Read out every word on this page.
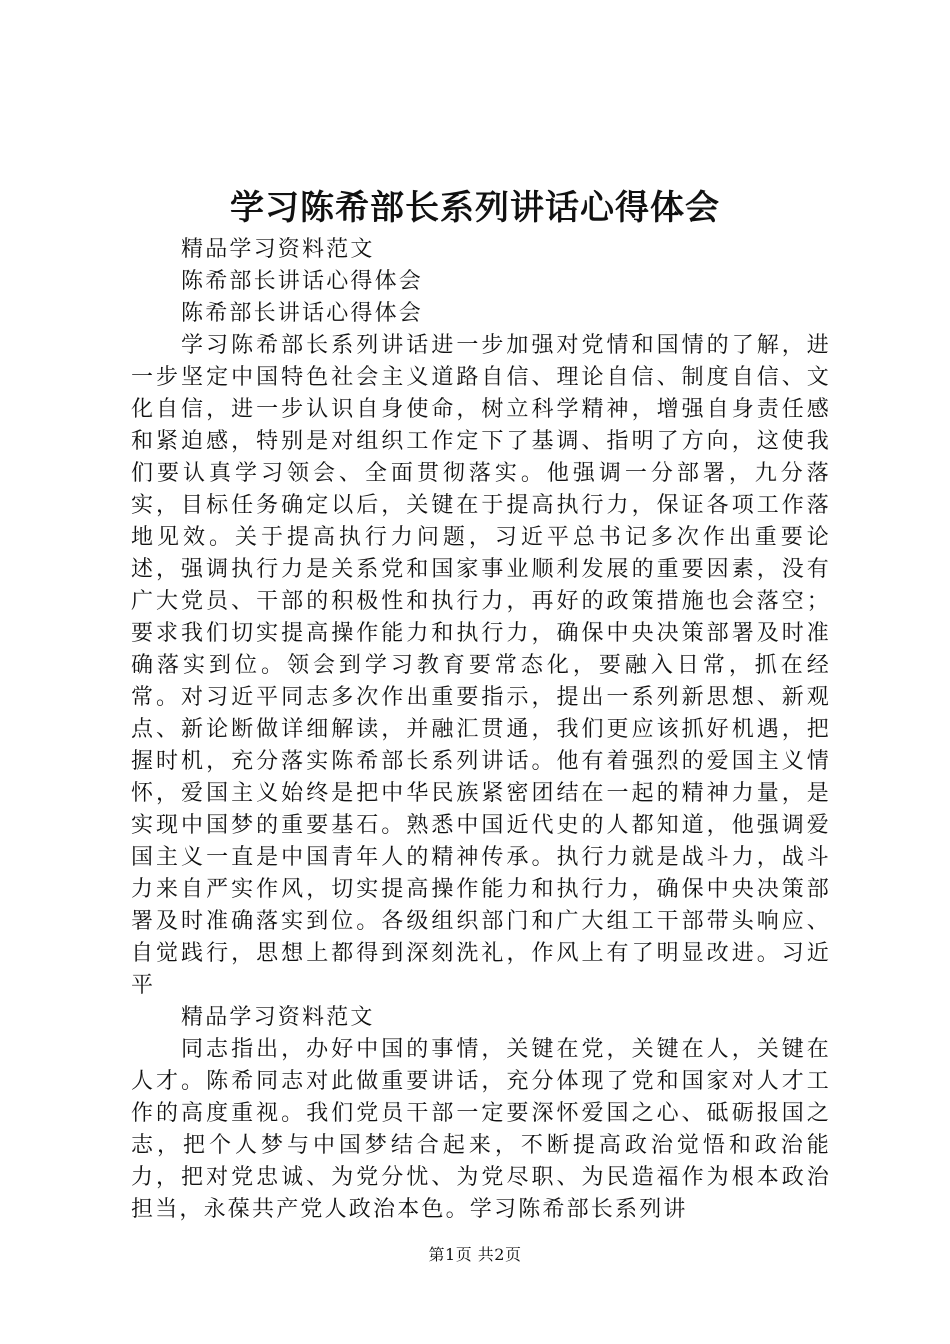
学习陈希部长系列讲话心得体会
精品学习资料范文
陈希部长讲话心得体会
陈希部长讲话心得体会
学习陈希部长系列讲话进一步加强对党情和国情的了解，进一步坚定中国特色社会主义道路自信、理论自信、制度自信、文化自信，进一步认识自身使命，树立科学精神，增强自身责任感和紧迫感，特别是对组织工作定下了基调、指明了方向，这使我们要认真学习领会、全面贯彻落实。他强调一分部署，九分落实，目标任务确定以后，关键在于提高执行力，保证各项工作落地见效。关于提高执行力问题，习近平总书记多次作出重要论述，强调执行力是关系党和国家事业顺利发展的重要因素，没有广大党员、干部的积极性和执行力，再好的政策措施也会落空；要求我们切实提高操作能力和执行力，确保中央决策部署及时准确落实到位。领会到学习教育要常态化，要融入日常，抓在经常。对习近平同志多次作出重要指示，提出一系列新思想、新观点、新论断做详细解读，并融汇贯通，我们更应该抓好机遇，把握时机，充分落实陈希部长系列讲话。他有着强烈的爱国主义情怀，爱国主义始终是把中华民族紧密团结在一起的精神力量，是实现中国梦的重要基石。熟悉中国近代史的人都知道，他强调爱国主义一直是中国青年人的精神传承。执行力就是战斗力，战斗力来自严实作风，切实提高操作能力和执行力，确保中央决策部署及时准确落实到位。各级组织部门和广大组工干部带头响应、自觉践行，思想上都得到深刻洗礼，作风上有了明显改进。习近平
精品学习资料范文
同志指出，办好中国的事情，关键在党，关键在人，关键在人才。陈希同志对此做重要讲话，充分体现了党和国家对人才工作的高度重视。我们党员干部一定要深怀爱国之心、砥砺报国之志，把个人梦与中国梦结合起来，不断提高政治觉悟和政治能力，把对党忠诚、为党分忧、为党尽职、为民造福作为根本政治担当，永葆共产党人政治本色。学习陈希部长系列讲
第1页 共2页
